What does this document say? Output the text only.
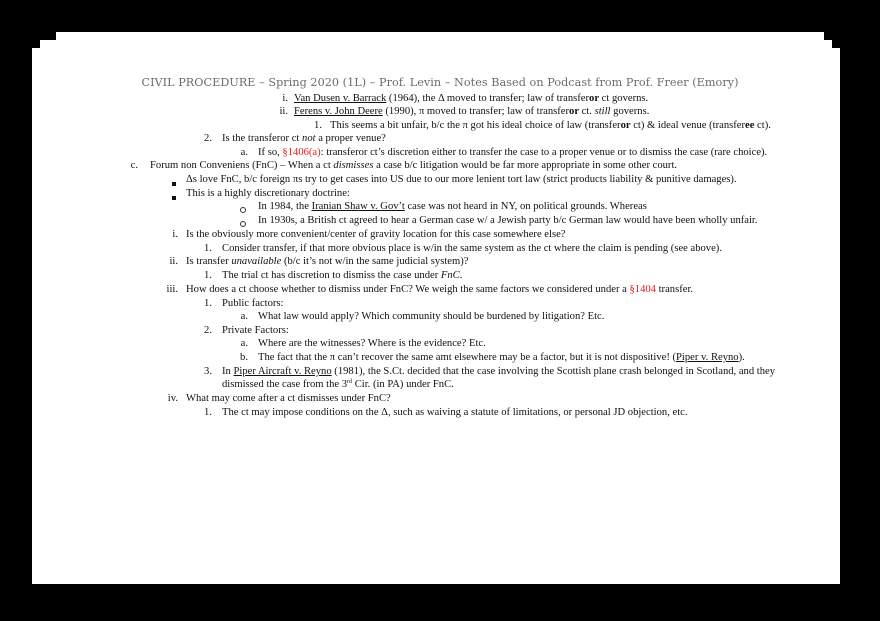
CIVIL PROCEDURE – Spring 2020 (1L) – Prof. Levin – Notes Based on Podcast from Prof. Freer (Emory)
i. Van Dusen v. Barrack (1964), the Δ moved to transfer; law of transferor ct governs.
ii. Ferens v. John Deere (1990), π moved to transfer; law of transferor ct. still governs.
1. This seems a bit unfair, b/c the π got his ideal choice of law (transferor ct) & ideal venue (transferee ct).
2. Is the transferor ct not a proper venue?
a. If so, §1406(a): transferor ct’s discretion either to transfer the case to a proper venue or to dismiss the case (rare choice).
c. Forum non Conveniens (FnC) – When a ct dismisses a case b/c litigation would be far more appropriate in some other court.
Δs love FnC, b/c foreign πs try to get cases into US due to our more lenient tort law (strict products liability & punitive damages).
This is a highly discretionary doctrine:
In 1984, the Iranian Shaw v. Gov’t case was not heard in NY, on political grounds. Whereas
In 1930s, a British ct agreed to hear a German case w/ a Jewish party b/c German law would have been wholly unfair.
i. Is the obviously more convenient/center of gravity location for this case somewhere else?
1. Consider transfer, if that more obvious place is w/in the same system as the ct where the claim is pending (see above).
ii. Is transfer unavailable (b/c it’s not w/in the same judicial system)?
1. The trial ct has discretion to dismiss the case under FnC.
iii. How does a ct choose whether to dismiss under FnC? We weigh the same factors we considered under a §1404 transfer.
1. Public factors:
a. What law would apply? Which community should be burdened by litigation? Etc.
2. Private Factors:
a. Where are the witnesses? Where is the evidence? Etc.
b. The fact that the π can’t recover the same amt elsewhere may be a factor, but it is not dispositive! (Piper v. Reyno).
3. In Piper Aircraft v. Reyno (1981), the S.Ct. decided that the case involving the Scottish plane crash belonged in Scotland, and they
dismissed the case from the 3rd Cir. (in PA) under FnC.
iv. What may come after a ct dismisses under FnC?
1. The ct may impose conditions on the Δ, such as waiving a statute of limitations, or personal JD objection, etc.
